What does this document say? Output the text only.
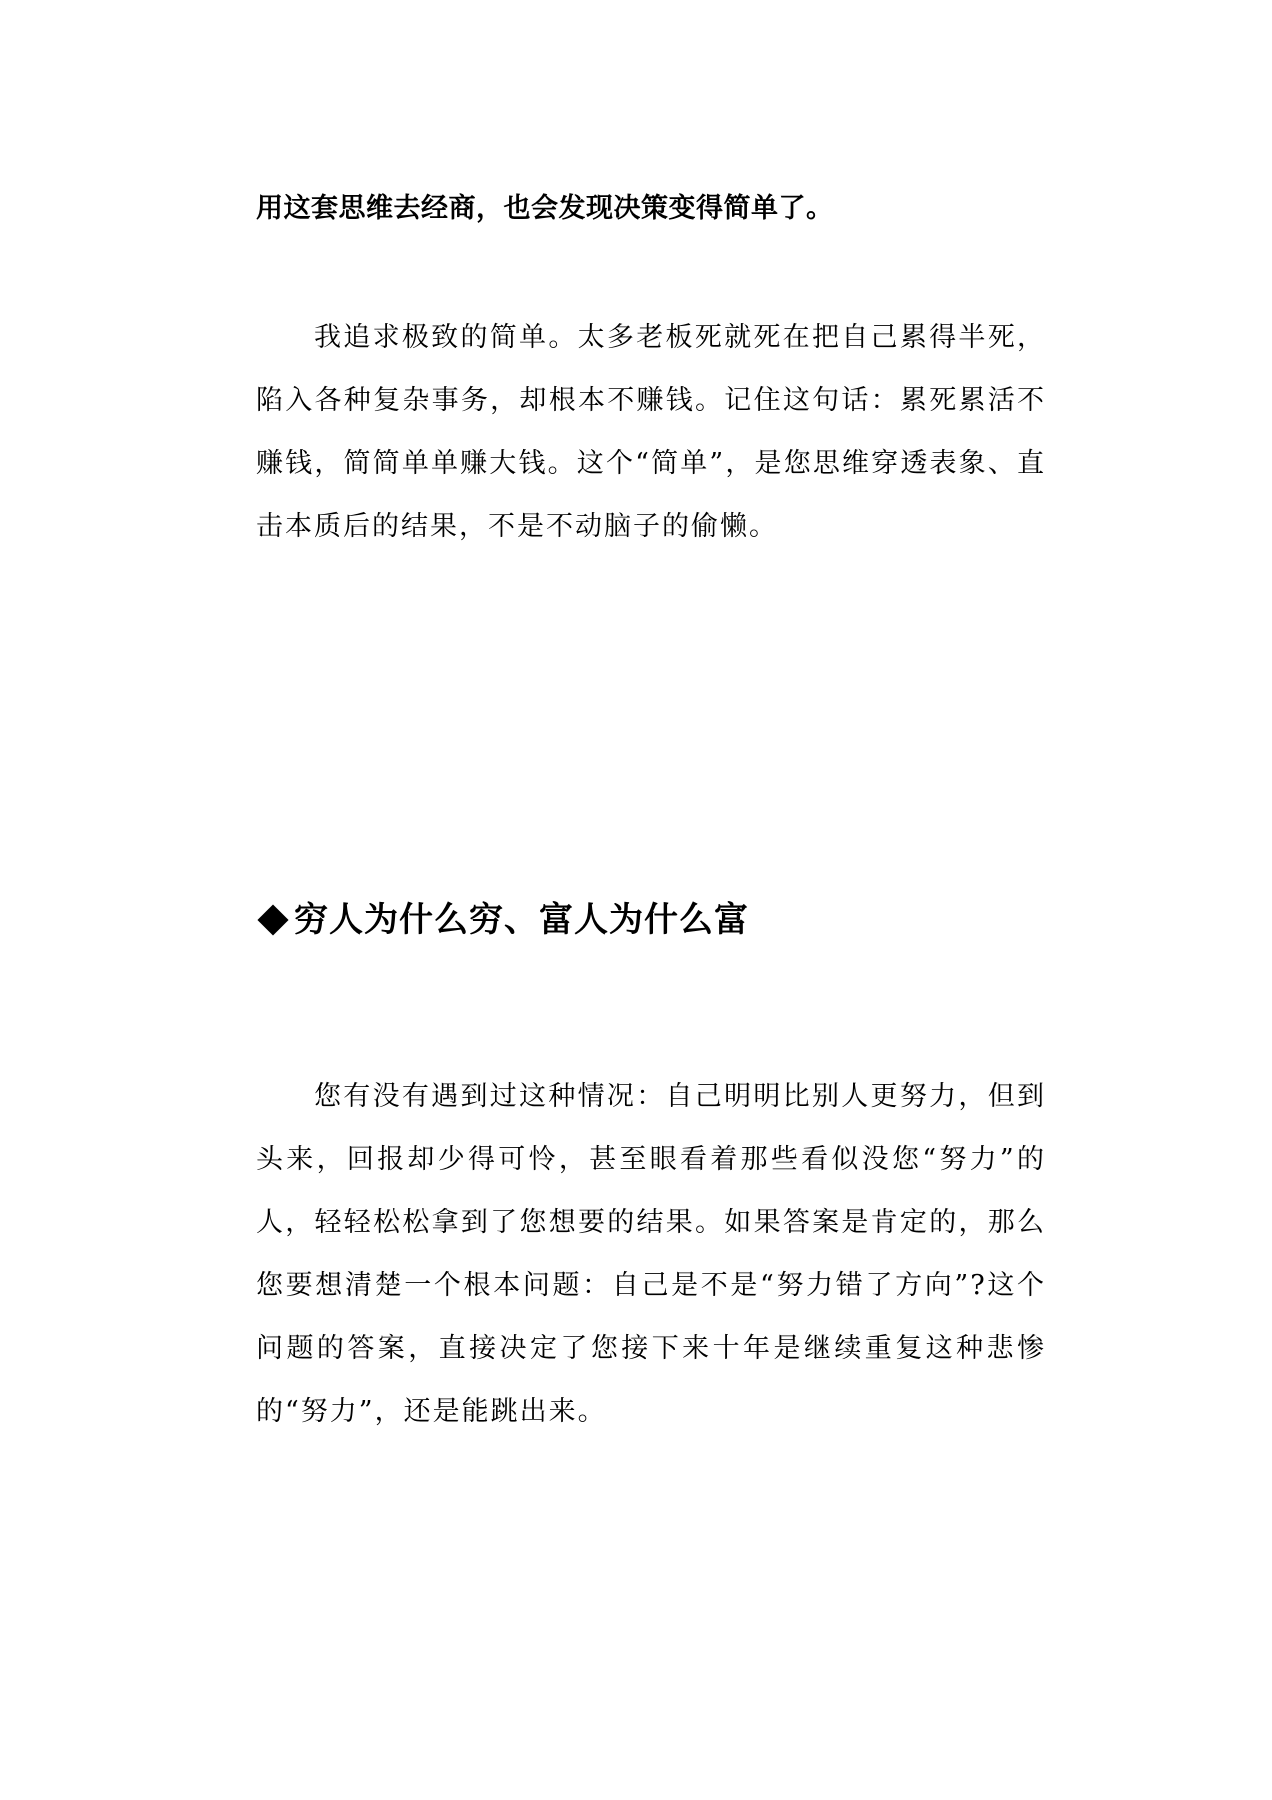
用这套思维去经商，也会发现决策变得简单了。

我追求极致的简单。太多老板死就死在把自己累得半死，陷入各种复杂事务，却根本不赚钱。记住这句话：累死累活不赚钱，简简单单赚大钱。这个“简单”，是您思维穿透表象、直击本质后的结果，不是不动脑子的偷懒。

穷人为什么穷、富人为什么富

您有没有遇到过这种情况：自己明明比别人更努力，但到头来，回报却少得可怜，甚至眼看着那些看似没您“努力”的人，轻轻松松拿到了您想要的结果。如果答案是肯定的，那么您要想清楚一个根本问题：自己是不是“努力错了方向”?这个问题的答案，直接决定了您接下来十年是继续重复这种悲惨的“努力”，还是能跳出来。
